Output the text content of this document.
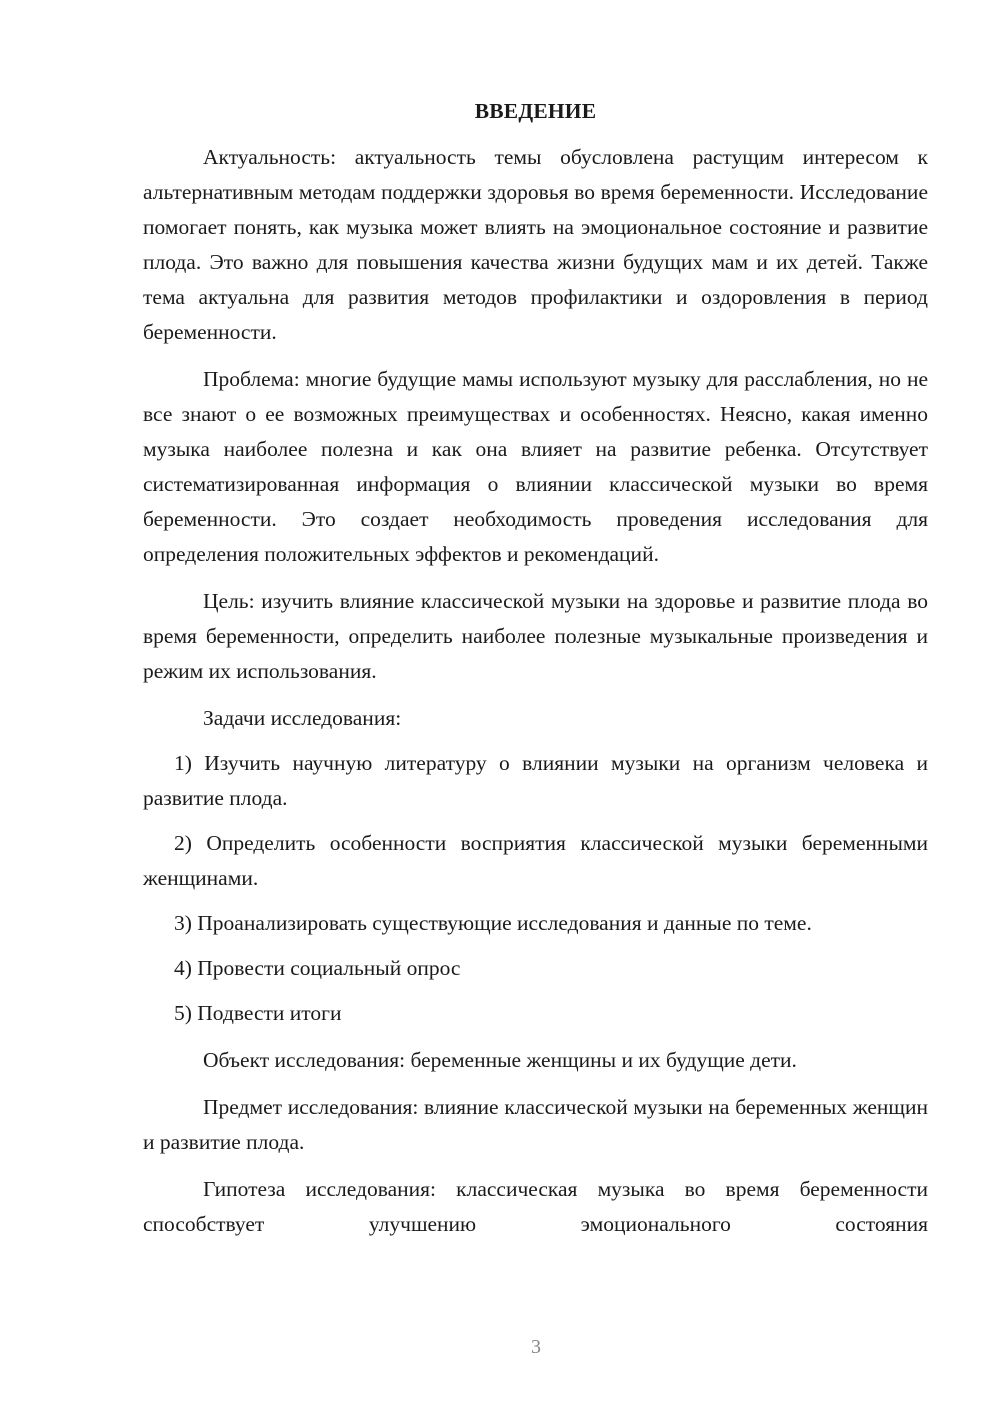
ВВЕДЕНИЕ

Актуальность: актуальность темы обусловлена растущим интересом к альтернативным методам поддержки здоровья во время беременности. Исследование помогает понять, как музыка может влиять на эмоциональное состояние и развитие плода. Это важно для повышения качества жизни будущих мам и их детей. Также тема актуальна для развития методов профилактики и оздоровления в период беременности.

Проблема: многие будущие мамы используют музыку для расслабления, но не все знают о ее возможных преимуществах и особенностях. Неясно, какая именно музыка наиболее полезна и как она влияет на развитие ребенка. Отсутствует систематизированная информация о влиянии классической музыки во время беременности. Это создает необходимость проведения исследования для определения положительных эффектов и рекомендаций.

Цель: изучить влияние классической музыки на здоровье и развитие плода во время беременности, определить наиболее полезные музыкальные произведения и режим их использования.

Задачи исследования:

1) Изучить научную литературу о влиянии музыки на организм человека и развитие плода.

2) Определить особенности восприятия классической музыки беременными женщинами.

3) Проанализировать существующие исследования и данные по теме.

4) Провести социальный опрос

5) Подвести итоги

Объект исследования: беременные женщины и их будущие дети.

Предмет исследования: влияние классической музыки на беременных женщин и развитие плода.

Гипотеза исследования: классическая музыка во время беременности способствует улучшению эмоционального состояния

3
